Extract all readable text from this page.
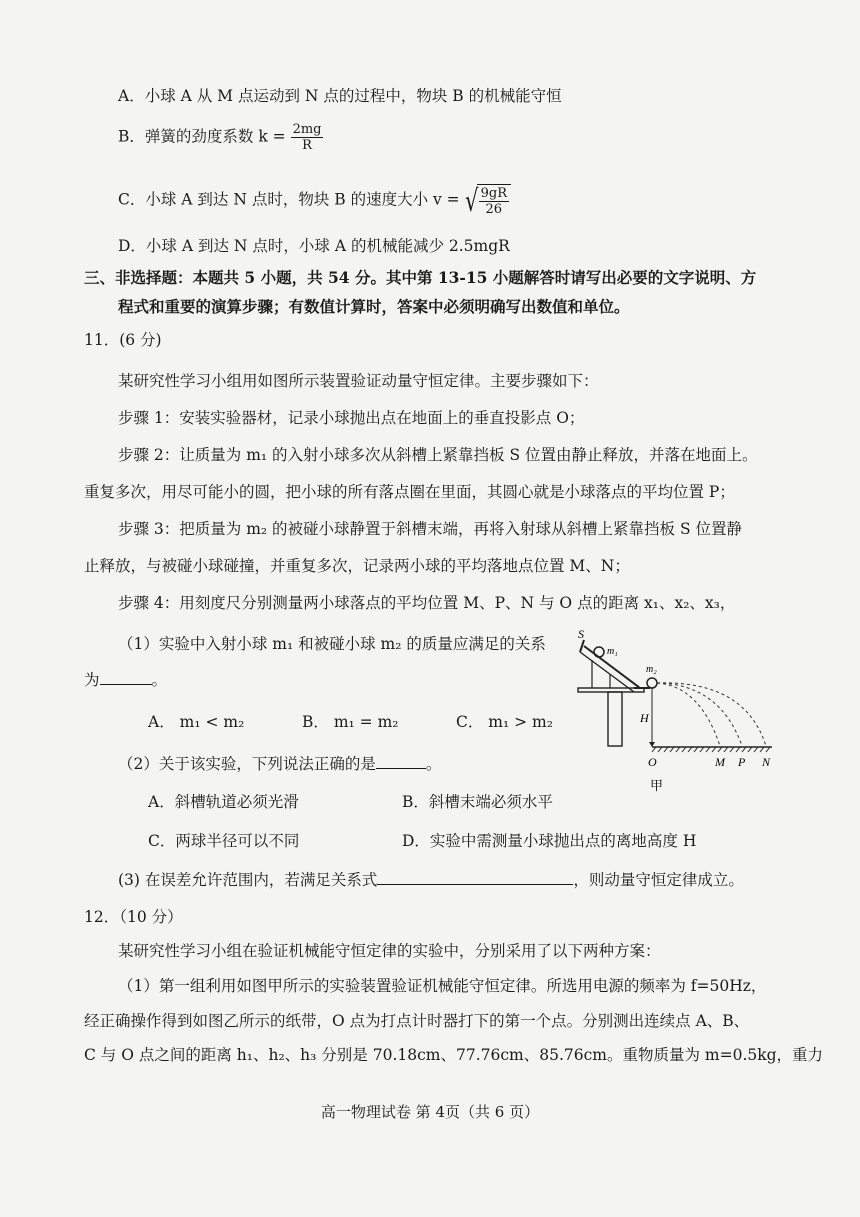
A．小球 A 从 M 点运动到 N 点的过程中，物块 B 的机械能守恒
B．弹簧的劲度系数 $k = \frac{2mg}{R}$
C．小球 A 到达 N 点时，物块 B 的速度大小 v = √ $\frac{9gR}{26}$
D．小球 A 到达 N 点时，小球 A 的机械能减少 2.5mgR
三、非选择题：本题共 5 小题，共 54 分。其中第 13-15 小题解答时请写出必要的文字说明、方
程式和重要的演算步骤；有数值计算时，答案中必须明确写出数值和单位。
11．(6 分)
某研究性学习小组用如图所示装置验证动量守恒定律。主要步骤如下：
步骤 1：安装实验器材，记录小球抛出点在地面上的垂直投影点 O；
步骤 2：让质量为 m₁ 的入射小球多次从斜槽上紧靠挡板 S 位置由静止释放，并落在地面上。
重复多次，用尽可能小的圆，把小球的所有落点圈在里面，其圆心就是小球落点的平均位置 P；
步骤 3：把质量为 m₂ 的被碰小球静置于斜槽末端，再将入射球从斜槽上紧靠挡板 S 位置静
止释放，与被碰小球碰撞，并重复多次，记录两小球的平均落地点位置 M、N；
步骤 4：用刻度尺分别测量两小球落点的平均位置 M、P、N 与 O 点的距离 x₁、x₂、x₃，
（1）实验中入射小球 m₁ 和被碰小球 m₂ 的质量应满足的关系
为	。
A． m₁ < m₂	B． m₁ = m₂	C． m₁ > m₂
（2）关于该实验，下列说法正确的是	。
A．斜槽轨道必须光滑	B．斜槽末端必须水平
C．两球半径可以不同	D．实验中需测量小球抛出点的离地高度 H
(3) 在误差允许范围内，若满足关系式	，则动量守恒定律成立。
S
m₁
m₂
H
O	M P N
甲
12．（10 分）
某研究性学习小组在验证机械能守恒定律的实验中，分别采用了以下两种方案：
（1）第一组利用如图甲所示的实验装置验证机械能守恒定律。所选用电源的频率为 f=50Hz，
经正确操作得到如图乙所示的纸带，O 点为打点计时器打下的第一个点。分别测出连续点 A、B、
C 与 O 点之间的距离 h₁、h₂、h₃ 分别是 70.18cm、77.76cm、85.76cm。重物质量为 m=0.5kg，重力
高一物理试卷 第 4页（共 6 页）
